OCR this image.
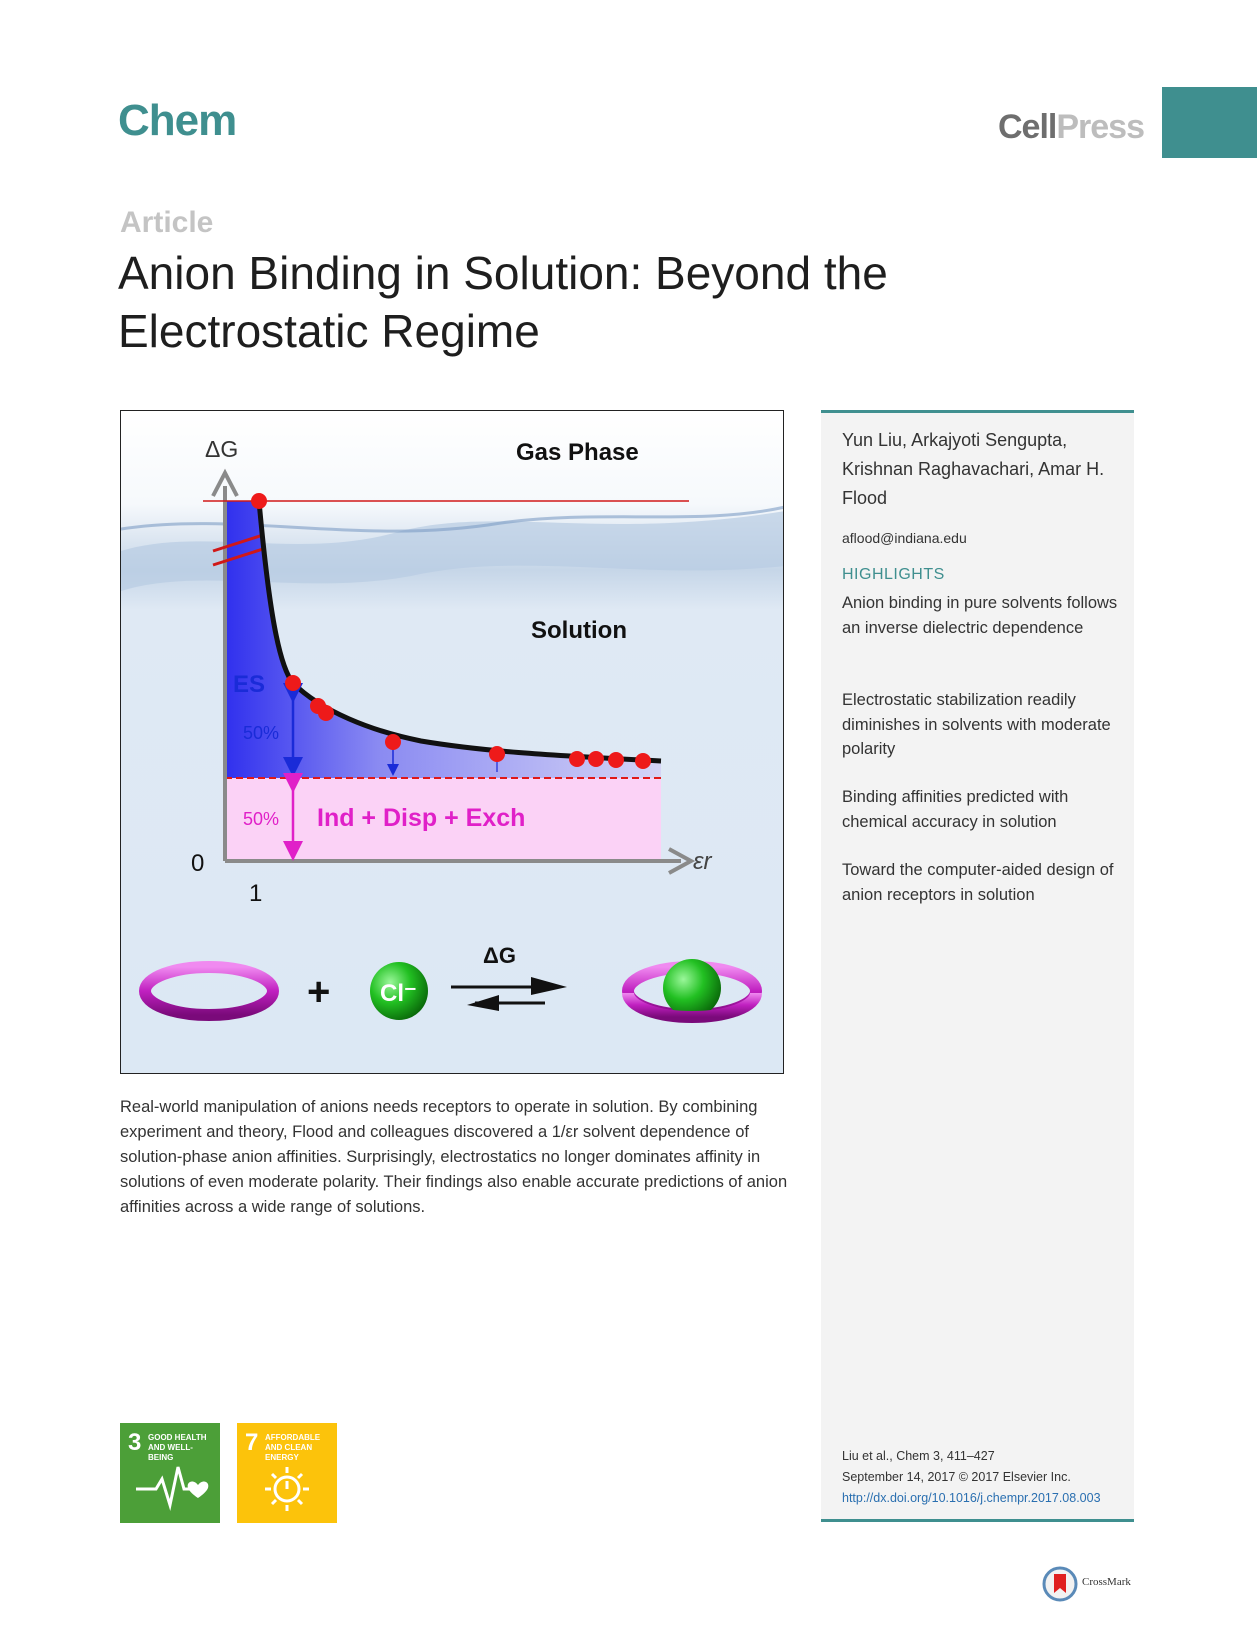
Chem	CellPress
Article
Anion Binding in Solution: Beyond the Electrostatic Regime
ΔG
εr
0
1
Gas Phase
Solution
ES
50%
50% Ind + Disp + Exch
+ Cl⁻
ΔG

Real-world manipulation of anions needs receptors to operate in solution. By combining experiment and theory, Flood and colleagues discovered a 1/εr solvent dependence of solution-phase anion affinities. Surprisingly, electrostatics no longer dominates affinity in solutions of even moderate polarity. Their findings also enable accurate predictions of anion affinities across a wide range of solutions.

Yun Liu, Arkajyoti Sengupta, Krishnan Raghavachari, Amar H. Flood

aflood@indiana.edu
HIGHLIGHTS

Anion binding in pure solvents follows an inverse dielectric dependence

Electrostatic stabilization readily diminishes in solvents with moderate polarity

Binding affinities predicted with chemical accuracy in solution

Toward the computer-aided design of anion receptors in solution

Liu et al., Chem 3, 411–427
September 14, 2017 © 2017 Elsevier Inc.
http://dx.doi.org/10.1016/j.chempr.2017.08.003
3 GOOD HEALTH AND WELL-BEING
7 AFFORDABLE AND CLEAN ENERGY
CrossMark
